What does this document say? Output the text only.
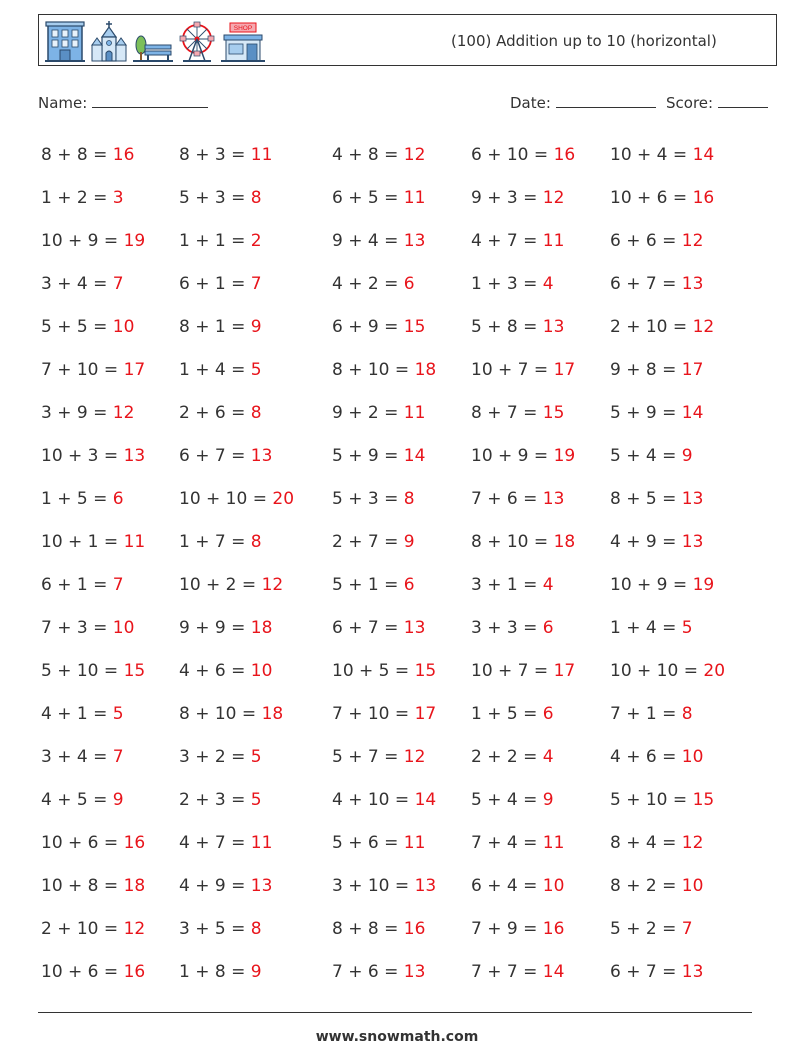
SHOP
(100) Addition up to 10 (horizontal)
Name:	Date:	Score:
8 + 8 = 16	8 + 3 = 11	4 + 8 = 12	6 + 10 = 16 10 + 4 = 14
1 + 2 = 3	5 + 3 = 8	6 + 5 = 11	9 + 3 = 12	10 + 6 = 16
10 + 9 = 19 1 + 1 = 2	9 + 4 = 13	4 + 7 = 11	6 + 6 = 12
3 + 4 = 7	6 + 1 = 7	4 + 2 = 6	1 + 3 = 4	6 + 7 = 13
5 + 5 = 10	8 + 1 = 9	6 + 9 = 15	5 + 8 = 13	2 + 10 = 12
7 + 10 = 17 1 + 4 = 5	8 + 10 = 18 10 + 7 = 17 9 + 8 = 17
3 + 9 = 12	2 + 6 = 8	9 + 2 = 11	8 + 7 = 15	5 + 9 = 14
10 + 3 = 13 6 + 7 = 13	5 + 9 = 14	10 + 9 = 19 5 + 4 = 9
1 + 5 = 6	10 + 10 = 20 5 + 3 = 8	7 + 6 = 13	8 + 5 = 13
10 + 1 = 11 1 + 7 = 8	2 + 7 = 9	8 + 10 = 18 4 + 9 = 13
6 + 1 = 7	10 + 2 = 12	5 + 1 = 6	3 + 1 = 4	10 + 9 = 19
7 + 3 = 10	9 + 9 = 18	6 + 7 = 13	3 + 3 = 6	1 + 4 = 5
5 + 10 = 15 4 + 6 = 10	10 + 5 = 15 10 + 7 = 17 10 + 10 = 20
4 + 1 = 5	8 + 10 = 18	7 + 10 = 17 1 + 5 = 6	7 + 1 = 8
3 + 4 = 7	3 + 2 = 5	5 + 7 = 12	2 + 2 = 4	4 + 6 = 10
4 + 5 = 9	2 + 3 = 5	4 + 10 = 14 5 + 4 = 9	5 + 10 = 15
10 + 6 = 16 4 + 7 = 11	5 + 6 = 11	7 + 4 = 11	8 + 4 = 12
10 + 8 = 18 4 + 9 = 13	3 + 10 = 13 6 + 4 = 10	8 + 2 = 10
2 + 10 = 12 3 + 5 = 8	8 + 8 = 16	7 + 9 = 16	5 + 2 = 7
10 + 6 = 16 1 + 8 = 9	7 + 6 = 13	7 + 7 = 14	6 + 7 = 13
www.snowmath.com
